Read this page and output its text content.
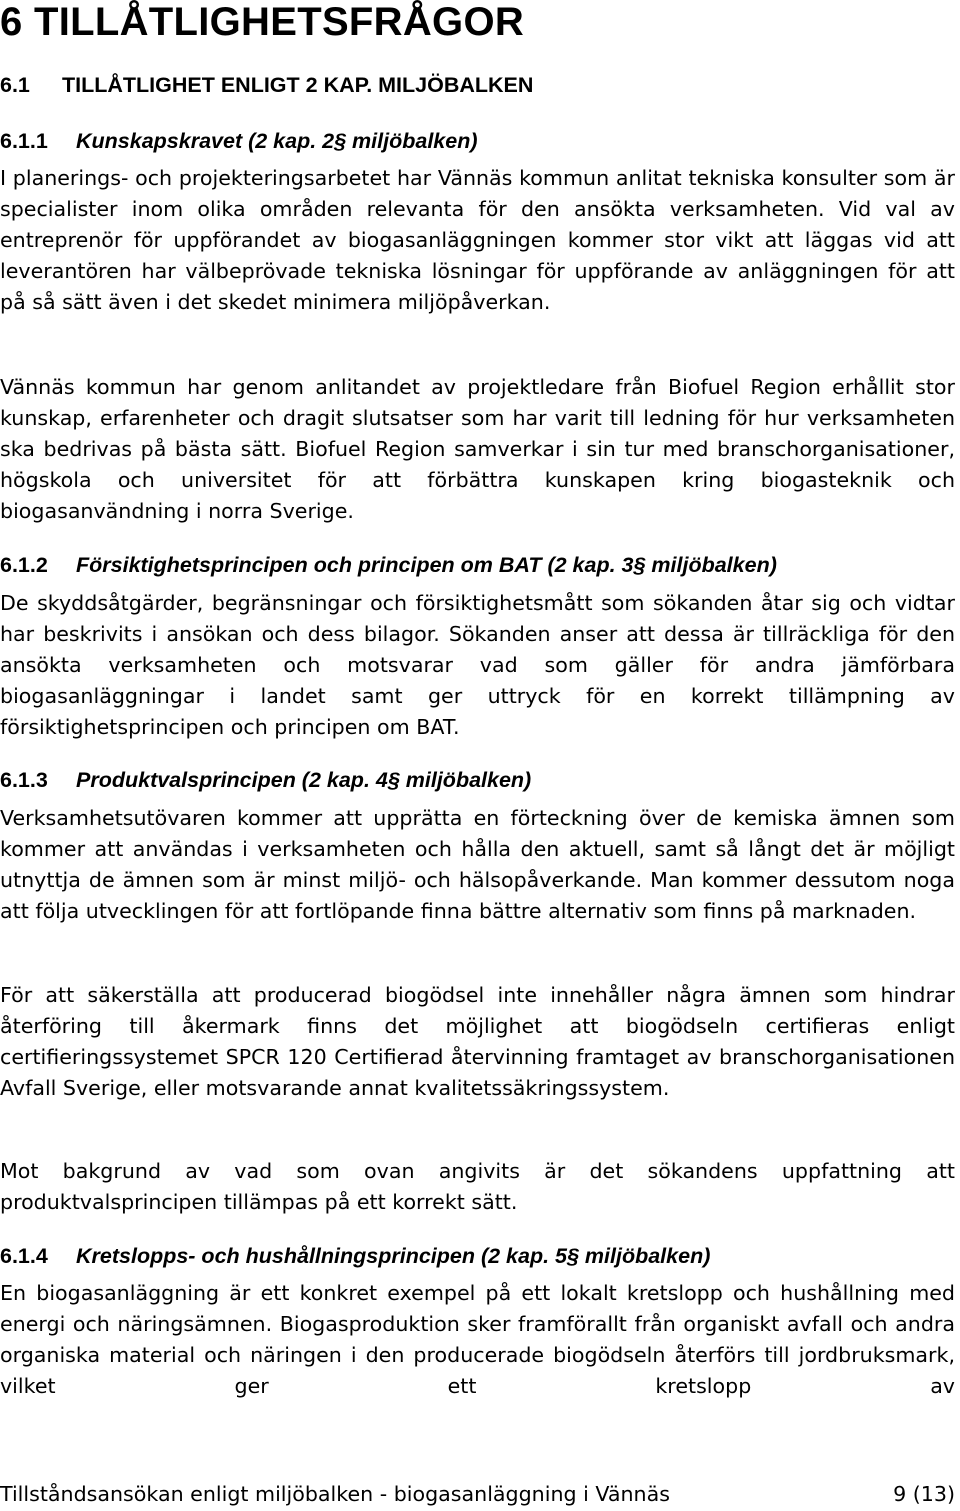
6 TILLÅTLIGHETSFRÅGOR
6.1 TILLÅTLIGHET ENLIGT 2 KAP. MILJÖBALKEN
6.1.1 Kunskapskravet (2 kap. 2§ miljöbalken)

I planerings- och projekteringsarbetet har Vännäs kommun anlitat tekniska konsulter som är specialister inom olika områden relevanta för den ansökta verksamheten. Vid val av entreprenör för uppförandet av biogasanläggningen kommer stor vikt att läggas vid att leverantören har välbeprövade tekniska lösningar för uppförande av anläggningen för att på så sätt även i det skedet minimera miljöpåverkan.

Vännäs kommun har genom anlitandet av projektledare från Biofuel Region erhållit stor kunskap, erfarenheter och dragit slutsatser som har varit till ledning för hur verksamheten ska bedrivas på bästa sätt. Biofuel Region samverkar i sin tur med branschorganisationer, högskola och universitet för att förbättra kunskapen kring biogasteknik och biogasanvändning i norra Sverige.

6.1.2 Försiktighetsprincipen och principen om BAT (2 kap. 3§ miljöbalken)

De skyddsåtgärder, begränsningar och försiktighetsmått som sökanden åtar sig och vidtar har beskrivits i ansökan och dess bilagor. Sökanden anser att dessa är tillräckliga för den ansökta verksamheten och motsvarar vad som gäller för andra jämförbara biogasanläggningar i landet samt ger uttryck för en korrekt tillämpning av försiktighetsprincipen och principen om BAT.

6.1.3 Produktvalsprincipen (2 kap. 4§ miljöbalken)

Verksamhetsutövaren kommer att upprätta en förteckning över de kemiska ämnen som kommer att användas i verksamheten och hålla den aktuell, samt så långt det är möjligt utnyttja de ämnen som är minst miljö- och hälsopåverkande. Man kommer dessutom noga att följa utvecklingen för att fortlöpande finna bättre alternativ som finns på marknaden.

För att säkerställa att producerad biogödsel inte innehåller några ämnen som hindrar återföring till åkermark finns det möjlighet att biogödseln certifieras enligt certifieringssystemet SPCR 120 Certifierad återvinning framtaget av branschorganisationen Avfall Sverige, eller motsvarande annat kvalitetssäkringssystem.

Mot bakgrund av vad som ovan angivits är det sökandens uppfattning att produktvalsprincipen tillämpas på ett korrekt sätt.

6.1.4 Kretslopps- och hushållningsprincipen (2 kap. 5§ miljöbalken)

En biogasanläggning är ett konkret exempel på ett lokalt kretslopp och hushållning med energi och näringsämnen. Biogasproduktion sker framförallt från organiskt avfall och andra organiska material och näringen i den producerade biogödseln återförs till jordbruksmark, vilket ger ett kretslopp av

Tillståndsansökan enligt miljöbalken - biogasanläggning i Vännäs	9 (13)
